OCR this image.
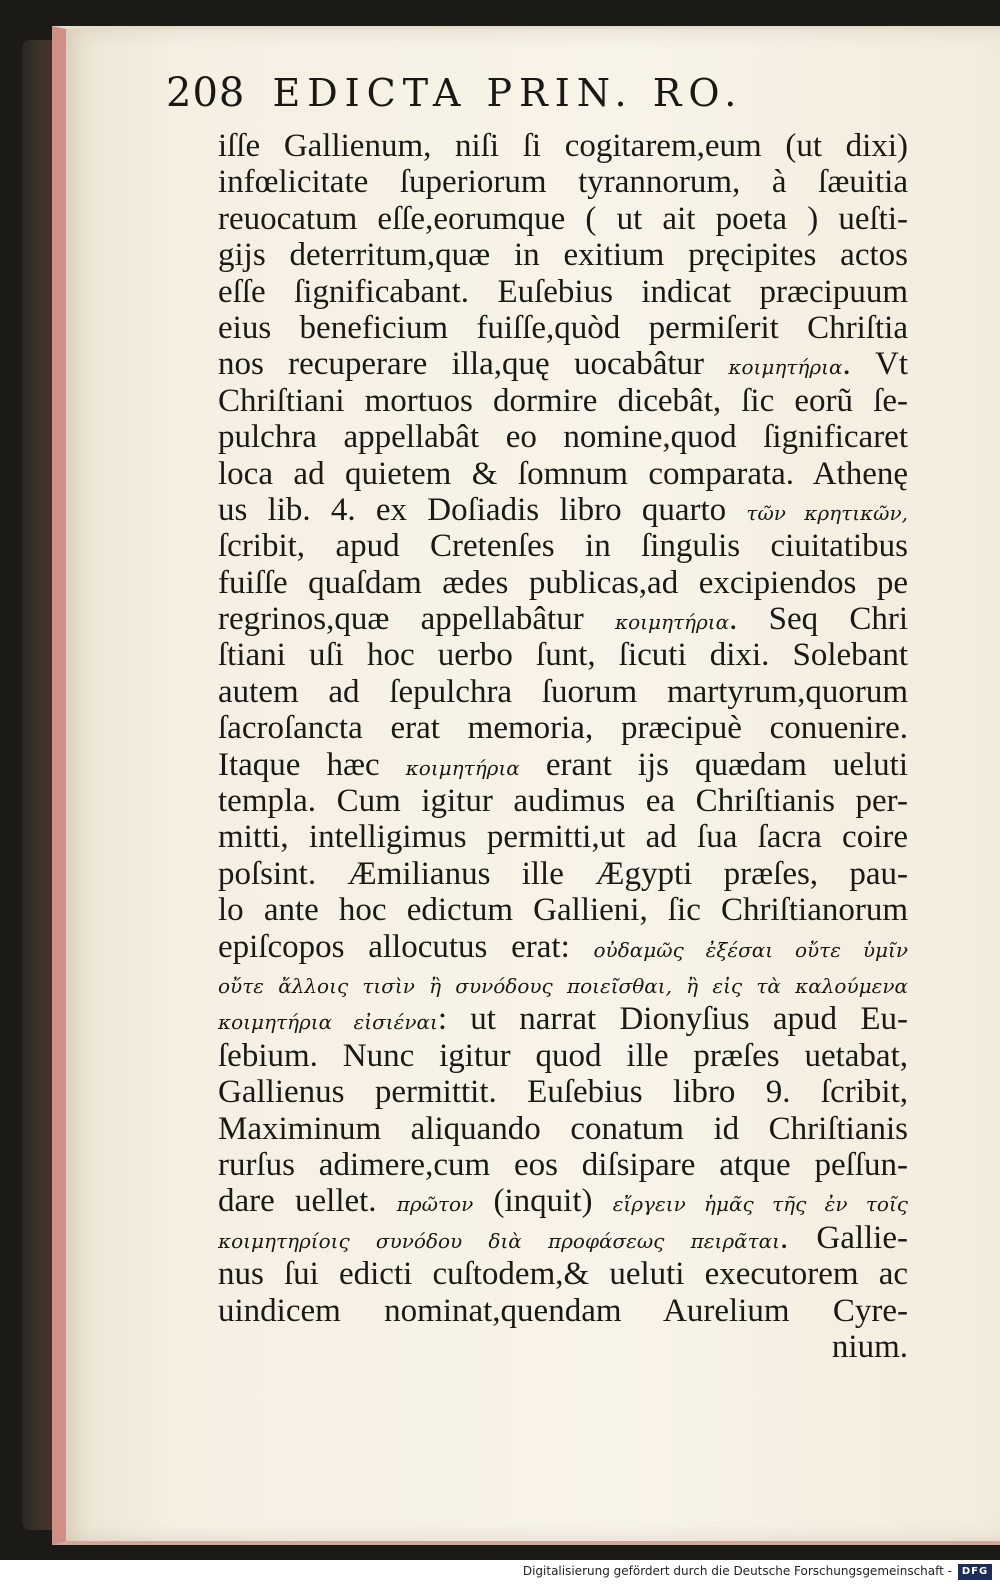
208 EDICTA PRIN. RO.
iſſe Gallienum, niſi ſi cogitarem,eum (ut dixi)
infœlicitate ſuperiorum tyrannorum, à ſæuitia
reuocatum eſſe,eorumque ( ut ait poeta ) ueſti-
gijs deterritum,quæ in exitium pręcipites actos
eſſe ſignificabant. Euſebius indicat præcipuum
eius beneficium fuiſſe,quòd permiſerit Chriſtia
nos recuperare illa,quę uocabâtur κοιμητήρια. Vt
Chriſtiani mortuos dormire dicebât, ſic eorũ ſe-
pulchra appellabât eo nomine,quod ſignificaret
loca ad quietem & ſomnum comparata. Athenę
us lib. 4. ex Doſiadis libro quarto τῶν κρητικῶν,
ſcribit, apud Cretenſes in ſingulis ciuitatibus
fuiſſe quaſdam ædes publicas,ad excipiendos pe
regrinos,quæ appellabâtur κοιμητήρια. Seq Chri
ſtiani uſi hoc uerbo ſunt, ſicuti dixi. Solebant
autem ad ſepulchra ſuorum martyrum,quorum
ſacroſancta erat memoria, præcipuè conuenire.
Itaque hæc κοιμητήρια erant ijs quædam ueluti
templa. Cum igitur audimus ea Chriſtianis per-
mitti, intelligimus permitti,ut ad ſua ſacra coire
poſsint. Æmilianus ille Ægypti præſes, pau-
lo ante hoc edictum Gallieni, ſic Chriſtianorum
epiſcopos allocutus erat: οὐδαμῶς ἐξέσαι οὔτε ὑμῖν
οὔτε ἄλλοις τισὶν ἢ συνόδους ποιεῖσθαι, ἢ εἰς τὰ καλούμενα
κοιμητήρια εἰσιέναι: ut narrat Dionyſius apud Eu-
ſebium. Nunc igitur quod ille præſes uetabat,
Gallienus permittit. Euſebius libro 9. ſcribit,
Maximinum aliquando conatum id Chriſtianis
rurſus adimere,cum eos diſsipare atque peſſun-
dare uellet. πρῶτον (inquit) εἴργειν ἡμᾶς τῆς ἐν τοῖς
κοιμητηρίοις συνόδου διὰ προφάσεως πειρᾶται. Gallie-
nus ſui edicti cuſtodem,& ueluti executorem ac
uindicem nominat,quendam Aurelium Cyre-
nium.
Digitalisierung gefördert durch die Deutsche Forschungsgemeinschaft - DFG
